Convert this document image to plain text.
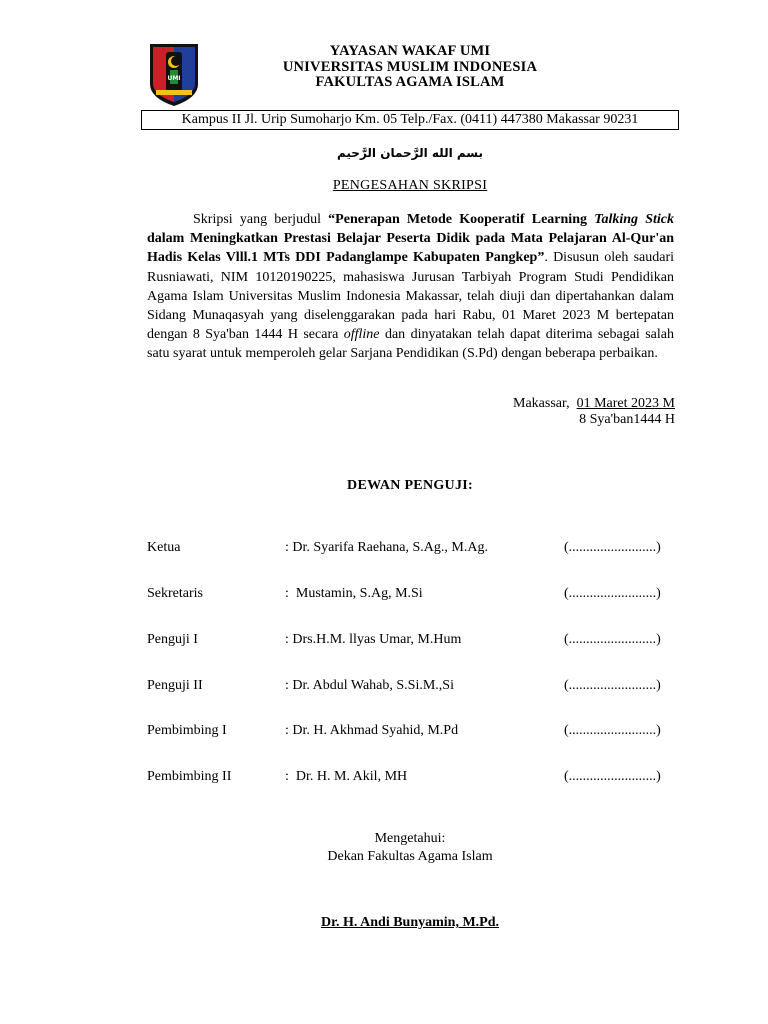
UMI
YAYASAN WAKAF UMI
UNIVERSITAS MUSLIM INDONESIA
FAKULTAS AGAMA ISLAM
Kampus II Jl. Urip Sumoharjo Km. 05 Telp./Fax. (0411) 447380 Makassar 90231
بسم الله الرَّحمان الرَّحيم
PENGESAHAN SKRIPSI

Skripsi yang berjudul “Penerapan Metode Kooperatif Learning Talking Stick dalam Meningkatkan Prestasi Belajar Peserta Didik pada Mata Pelajaran Al-Qur'an Hadis Kelas Vlll.1 MTs DDI Padanglampe Kabupaten Pangkep”. Disusun oleh saudari Rusniawati, NIM 10120190225, mahasiswa Jurusan Tarbiyah Program Studi Pendidikan Agama Islam Universitas Muslim Indonesia Makassar, telah diuji dan dipertahankan dalam Sidang Munaqasyah yang diselenggarakan pada hari Rabu, 01 Maret 2023 M bertepatan dengan 8 Sya'ban 1444 H secara offline dan dinyatakan telah dapat diterima sebagai salah satu syarat untuk memperoleh gelar Sarjana Pendidikan (S.Pd) dengan beberapa perbaikan.

Makassar,  01 Maret 2023 M
8 Sya'ban1444 H
DEWAN PENGUJI:
Ketua	: Dr. Syarifa Raehana, S.Ag., M.Ag.	(.........................)
Sekretaris	:  Mustamin, S.Ag, M.Si	(.........................)
Penguji I	: Drs.H.M. llyas Umar, M.Hum	(.........................)
Penguji II	: Dr. Abdul Wahab, S.Si.M.,Si	(.........................)
Pembimbing I	: Dr. H. Akhmad Syahid, M.Pd	(.........................)
Pembimbing II	:  Dr. H. M. Akil, MH	(.........................)
Mengetahui:
Dekan Fakultas Agama Islam
Dr. H. Andi Bunyamin, M.Pd.
